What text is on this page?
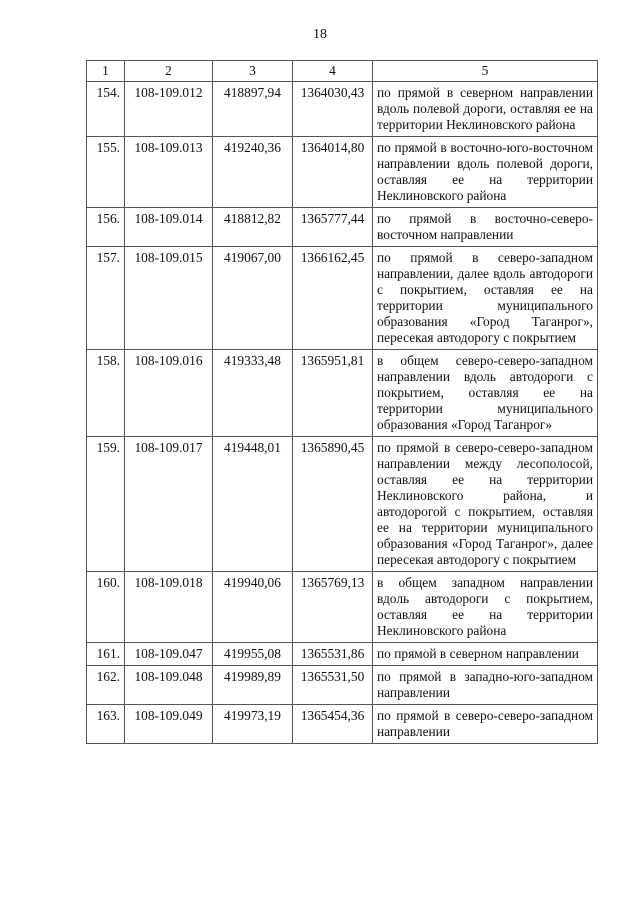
18
1	2	3	4	5
154.	108-109.012	418897,94	1364030,43	по прямой в северном направлении вдоль полевой дороги, оставляя ее на территории Неклиновского района
155.	108-109.013	419240,36	1364014,80	по прямой в восточно-юго-восточном направлении вдоль полевой дороги, оставляя ее на территории Неклиновского района
156.	108-109.014	418812,82	1365777,44	по прямой в восточно-северо-восточном направлении
157.	108-109.015	419067,00	1366162,45	по прямой в северо-западном направлении, далее вдоль автодороги с покрытием, оставляя ее на территории муниципального образования «Город Таганрог», пересекая автодорогу с покрытием
158.	108-109.016	419333,48	1365951,81	в общем северо-северо-западном направлении вдоль автодороги с покрытием, оставляя ее на территории муниципального образования «Город Таганрог»
159.	108-109.017	419448,01	1365890,45	по прямой в северо-северо-западном направлении между лесополосой, оставляя ее на территории Неклиновского района, и автодорогой с покрытием, оставляя ее на территории муниципального образования «Город Таганрог», далее пересекая автодорогу с покрытием
160.	108-109.018	419940,06	1365769,13	в общем западном направлении вдоль автодороги с покрытием, оставляя ее на территории Неклиновского района
161.	108-109.047	419955,08	1365531,86	по прямой в северном направлении
162.	108-109.048	419989,89	1365531,50	по прямой в западно-юго-западном направлении
163.	108-109.049	419973,19	1365454,36	по прямой в северо-северо-западном направлении
